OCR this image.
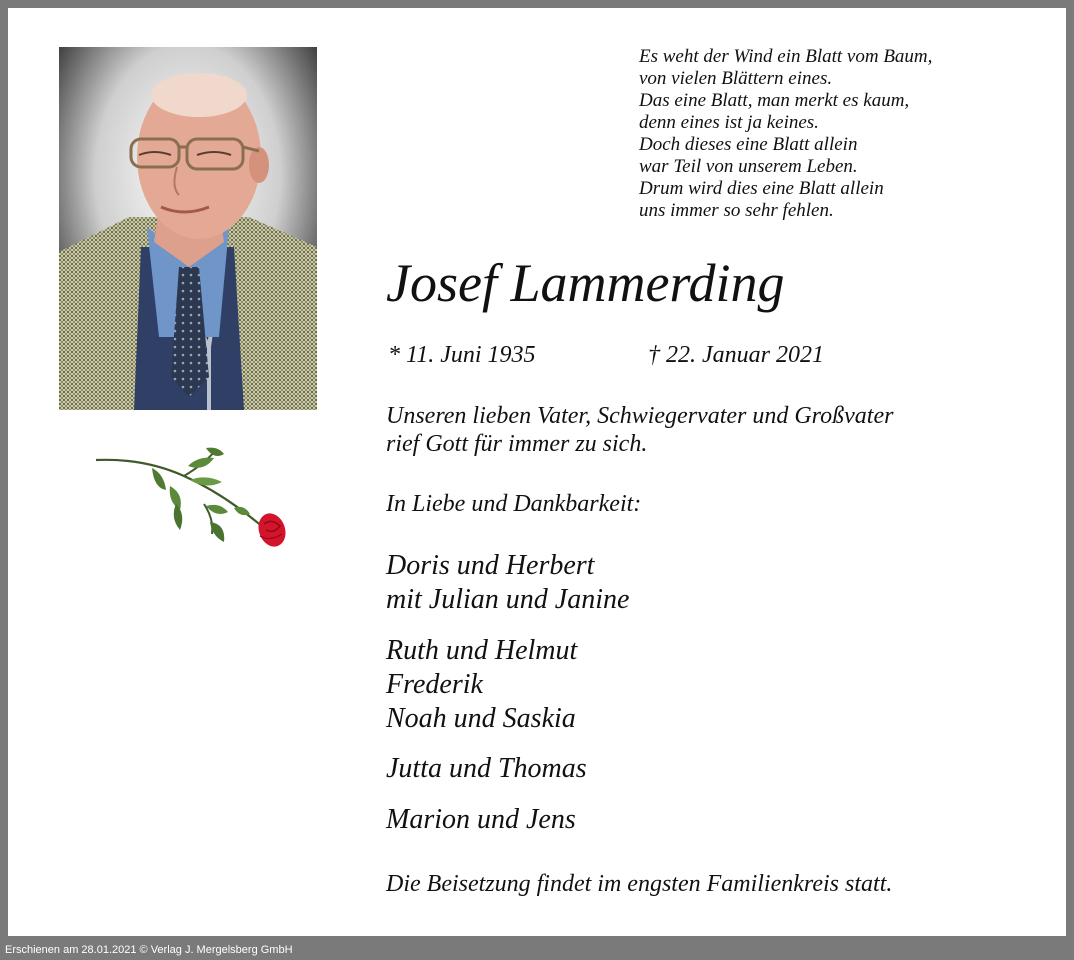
Es weht der Wind ein Blatt vom Baum,
von vielen Blättern eines.
Das eine Blatt, man merkt es kaum,
denn eines ist ja keines.
Doch dieses eine Blatt allein
war Teil von unserem Leben.
Drum wird dies eine Blatt allein
uns immer so sehr fehlen.
Josef Lammerding
* 11. Juni 1935	† 22. Januar 2021
Unseren lieben Vater, Schwiegervater und Großvater
rief Gott für immer zu sich.
In Liebe und Dankbarkeit:
Doris und Herbert
mit Julian und Janine
Ruth und Helmut
Frederik
Noah und Saskia
Jutta und Thomas
Marion und Jens
Die Beisetzung findet im engsten Familienkreis statt.
Erschienen am 28.01.2021 © Verlag J. Mergelsberg GmbH
